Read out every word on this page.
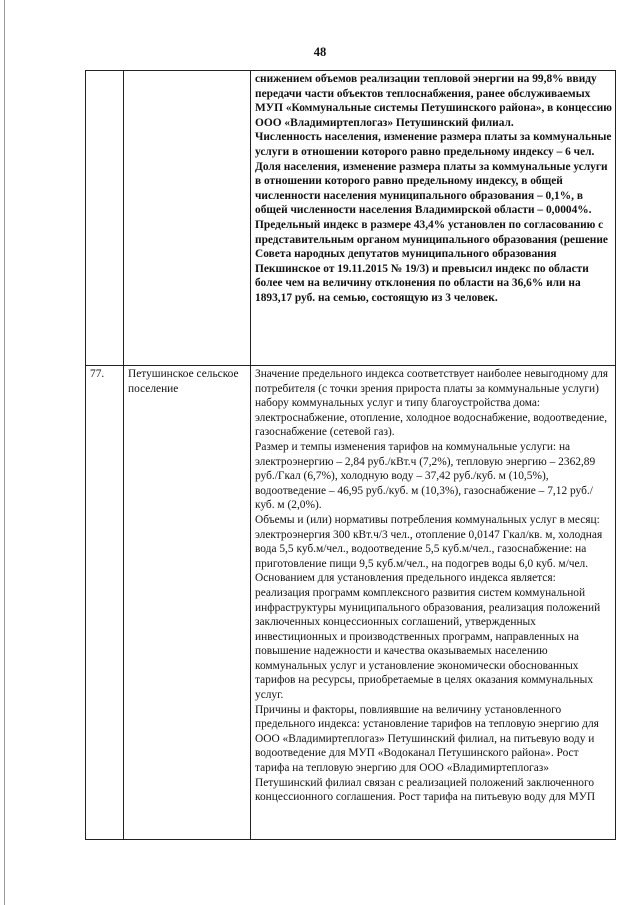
48

		снижением объемов реализации тепловой энергии на 99,8% ввиду передачи части объектов теплоснабжения, ранее обслуживаемых МУП «Коммунальные системы Петушинского района», в концессию ООО «Владимиртеплогаз» Петушинский филиал.

Численность населения, изменение размера платы за коммунальные услуги в отношении которого равно предельному индексу – 6 чел.

Доля населения, изменение размера платы за коммунальные услуги в отношении которого равно предельному индексу, в общей численности населения муниципального образования – 0,1%, в общей численности населения Владимирской области – 0,0004%.

Предельный индекс в размере 43,4% установлен по согласованию с представительным органом муниципального образования (решение Совета народных депутатов муниципального образования Пекшинское от 19.11.2015 № 19/3) и превысил индекс по области более чем на величину отклонения по области на 36,6% или на 1893,17 руб. на семью, состоящую из 3 человек.

77.	Петушинское сельское поселение	Значение предельного индекса соответствует наиболее невыгодному для потребителя (с точки зрения прироста платы за коммунальные услуги) набору коммунальных услуг и типу благоустройства дома: электроснабжение, отопление, холодное водоснабжение, водоотведение, газоснабжение (сетевой газ).

Размер и темпы изменения тарифов на коммунальные услуги: на электроэнергию – 2,84 руб./кВт.ч (7,2%), тепловую энергию – 2362,89 руб./Гкал (6,7%), холодную воду – 37,42 руб./куб. м (10,5%), водоотведение – 46,95 руб./куб. м (10,3%), газоснабжение – 7,12 руб./куб. м (2,0%).

Объемы и (или) нормативы потребления коммунальных услуг в месяц: электроэнергия 300 кВт.ч/3 чел., отопление 0,0147 Гкал/кв. м, холодная вода 5,5 куб.м/чел., водоотведение 5,5 куб.м/чел., газоснабжение: на приготовление пищи 9,5 куб.м/чел., на подогрев воды 6,0 куб. м/чел.

Основанием для установления предельного индекса является: реализация программ комплексного развития систем коммунальной инфраструктуры муниципального образования, реализация положений заключенных концессионных соглашений, утвержденных инвестиционных и производственных программ, направленных на повышение надежности и качества оказываемых населению коммунальных услуг и установление экономически обоснованных тарифов на ресурсы, приобретаемые в целях оказания коммунальных услуг.

Причины и факторы, повлиявшие на величину установленного предельного индекса: установление тарифов на тепловую энергию для ООО «Владимиртеплогаз» Петушинский филиал, на питьевую воду и водоотведение для МУП «Водоканал Петушинского района». Рост тарифа на тепловую энергию для ООО «Владимиртеплогаз» Петушинский филиал связан с реализацией положений заключенного концессионного соглашения. Рост тарифа на питьевую воду для МУП
